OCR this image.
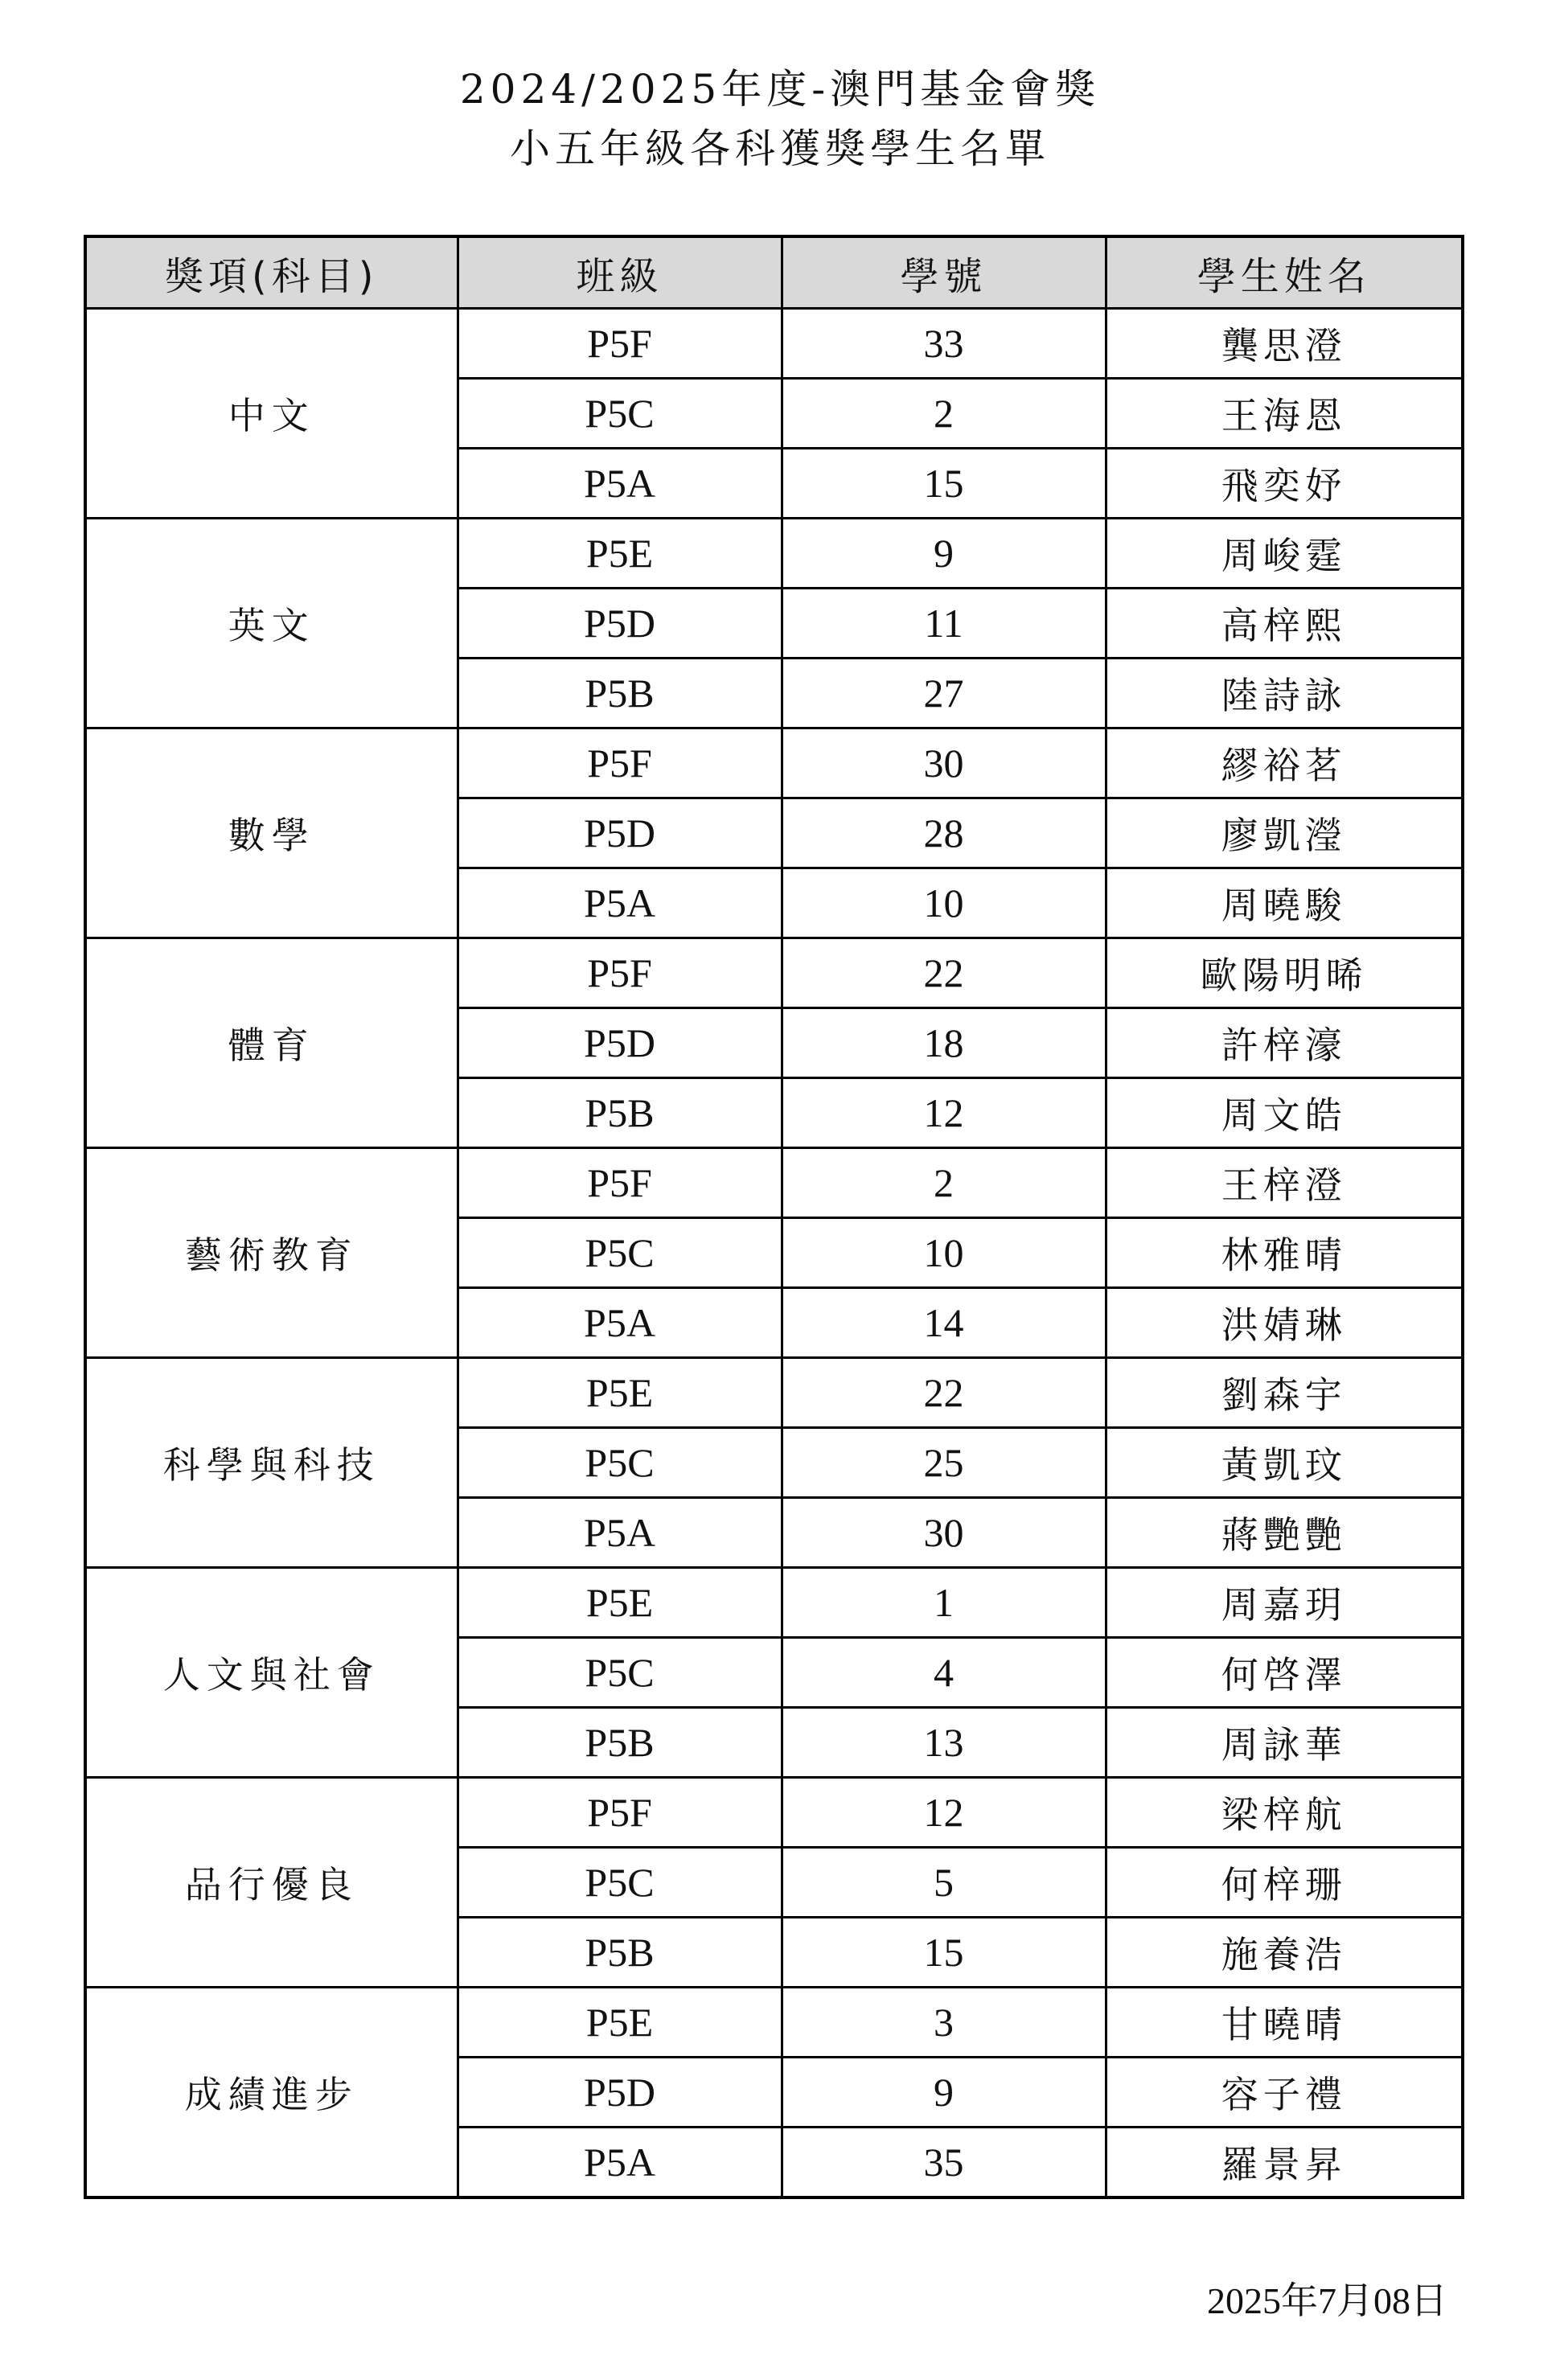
2024/2025年度-澳門基金會獎
小五年級各科獲獎學生名單
獎項(科目)	班級	學號	學生姓名
中文	P5F	33	龔思澄
	P5C	2	王海恩
	P5A	15	飛奕妤
英文	P5E	9	周峻霆
	P5D	11	高梓熙
	P5B	27	陸詩詠
數學	P5F	30	繆裕茗
	P5D	28	廖凱瀅
	P5A	10	周曉駿
體育	P5F	22	歐陽明晞
	P5D	18	許梓濠
	P5B	12	周文皓
藝術教育	P5F	2	王梓澄
	P5C	10	林雅晴
	P5A	14	洪婧琳
科學與科技	P5E	22	劉森宇
	P5C	25	黃凱玟
	P5A	30	蔣艷艷
人文與社會	P5E	1	周嘉玥
	P5C	4	何啓澤
	P5B	13	周詠華
品行優良	P5F	12	梁梓航
	P5C	5	何梓珊
	P5B	15	施養浩
成績進步	P5E	3	甘曉晴
	P5D	9	容子禮
	P5A	35	羅景昇
2025年7月08日
